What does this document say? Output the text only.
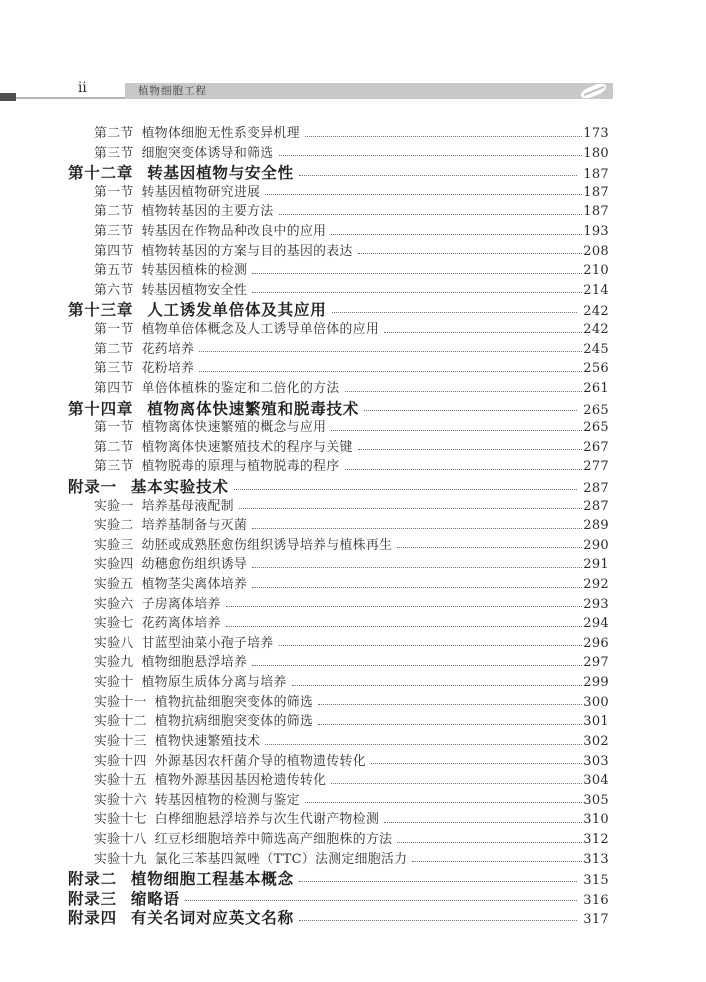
ii	植物细胞工程
第二节 植物体细胞无性系变异机理	173
第三节 细胞突变体诱导和筛选	180
第十二章 转基因植物与安全性	187
第一节 转基因植物研究进展	187
第二节 植物转基因的主要方法	187
第三节 转基因在作物品种改良中的应用	193
第四节 植物转基因的方案与目的基因的表达	208
第五节 转基因植株的检测	210
第六节 转基因植物安全性	214
第十三章 人工诱发单倍体及其应用	242
第一节 植物单倍体概念及人工诱导单倍体的应用	242
第二节 花药培养	245
第三节 花粉培养	256
第四节 单倍体植株的鉴定和二倍化的方法	261
第十四章 植物离体快速繁殖和脱毒技术	265
第一节 植物离体快速繁殖的概念与应用	265
第二节 植物离体快速繁殖技术的程序与关键	267
第三节 植物脱毒的原理与植物脱毒的程序	277
附录一 基本实验技术	287
实验一 培养基母液配制	287
实验二 培养基制备与灭菌	289
实验三 幼胚或成熟胚愈伤组织诱导培养与植株再生	290
实验四 幼穗愈伤组织诱导	291
实验五 植物茎尖离体培养	292
实验六 子房离体培养	293
实验七 花药离体培养	294
实验八 甘蓝型油菜小孢子培养	296
实验九 植物细胞悬浮培养	297
实验十 植物原生质体分离与培养	299
实验十一 植物抗盐细胞突变体的筛选	300
实验十二 植物抗病细胞突变体的筛选	301
实验十三 植物快速繁殖技术	302
实验十四 外源基因农杆菌介导的植物遗传转化	303
实验十五 植物外源基因基因枪遗传转化	304
实验十六 转基因植物的检测与鉴定	305
实验十七 白桦细胞悬浮培养与次生代谢产物检测	310
实验十八 红豆杉细胞培养中筛选高产细胞株的方法	312
实验十九 氯化三苯基四氮唑（TTC）法测定细胞活力	313
附录二 植物细胞工程基本概念	315
附录三 缩略语	316
附录四 有关名词对应英文名称	317
